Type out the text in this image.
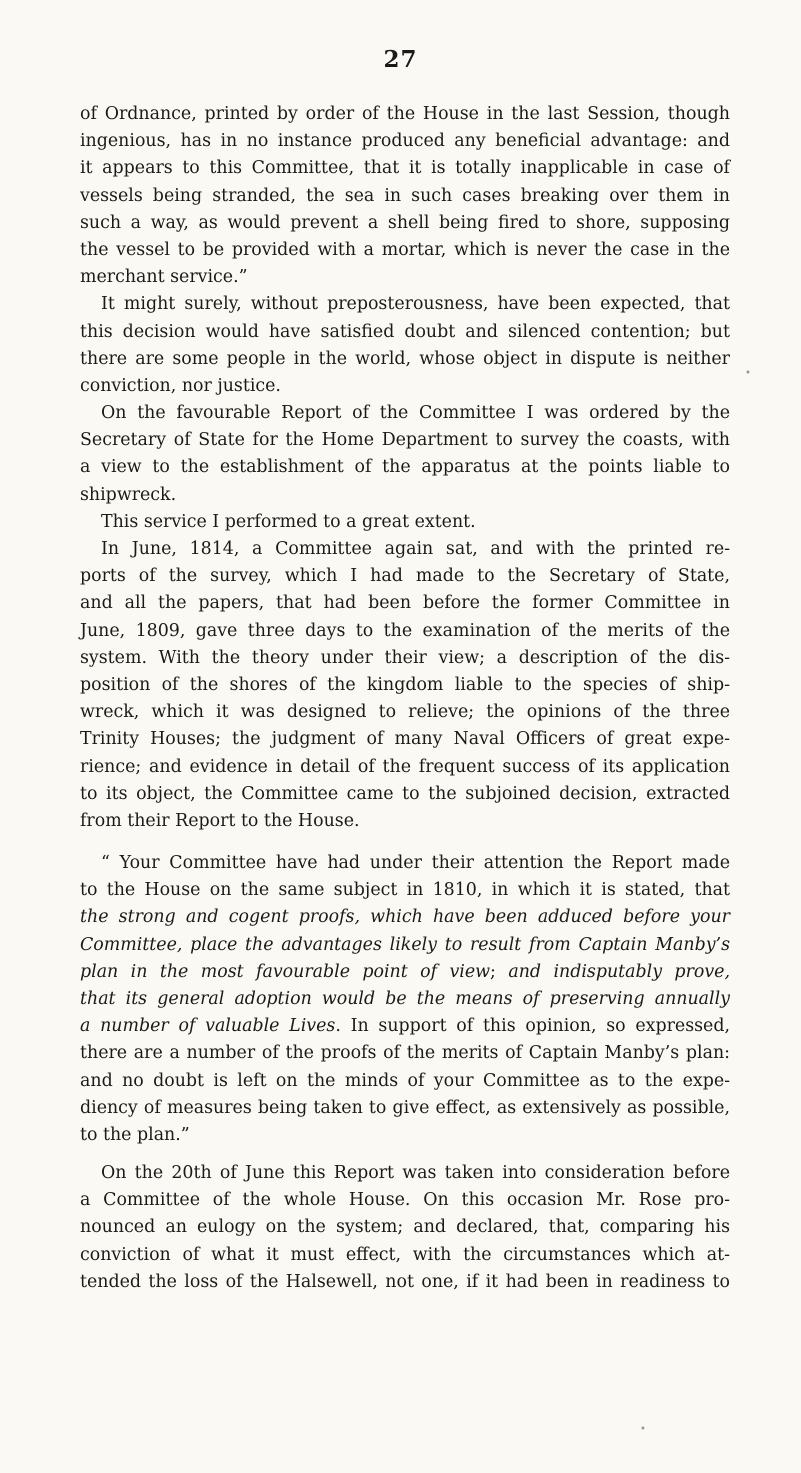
27
of Ordnance, printed by order of the House in the last Session, though
ingenious, has in no instance produced any beneficial advantage: and
it appears to this Committee, that it is totally inapplicable in case of
vessels being stranded, the sea in such cases breaking over them in
such a way, as would prevent a shell being fired to shore, supposing
the vessel to be provided with a mortar, which is never the case in the
merchant service.”
It might surely, without preposterousness, have been expected, that
this decision would have satisfied doubt and silenced contention; but
there are some people in the world, whose object in dispute is neither
conviction, nor justice.
On the favourable Report of the Committee I was ordered by the
Secretary of State for the Home Department to survey the coasts, with
a view to the establishment of the apparatus at the points liable to
shipwreck.
This service I performed to a great extent.
In June, 1814, a Committee again sat, and with the printed re-
ports of the survey, which I had made to the Secretary of State,
and all the papers, that had been before the former Committee in
June, 1809, gave three days to the examination of the merits of the
system. With the theory under their view; a description of the dis-
position of the shores of the kingdom liable to the species of ship-
wreck, which it was designed to relieve; the opinions of the three
Trinity Houses; the judgment of many Naval Officers of great expe-
rience; and evidence in detail of the frequent success of its application
to its object, the Committee came to the subjoined decision, extracted
from their Report to the House.
“ Your Committee have had under their attention the Report made
to the House on the same subject in 1810, in which it is stated, that
the strong and cogent proofs, which have been adduced before your
Committee, place the advantages likely to result from Captain Manby’s
plan in the most favourable point of view; and indisputably prove,
that its general adoption would be the means of preserving annually
a number of valuable Lives. In support of this opinion, so expressed,
there are a number of the proofs of the merits of Captain Manby’s plan:
and no doubt is left on the minds of your Committee as to the expe-
diency of measures being taken to give effect, as extensively as possible,
to the plan.”
On the 20th of June this Report was taken into consideration before
a Committee of the whole House. On this occasion Mr. Rose pro-
nounced an eulogy on the system; and declared, that, comparing his
conviction of what it must effect, with the circumstances which at-
tended the loss of the Halsewell, not one, if it had been in readiness to
•
•
